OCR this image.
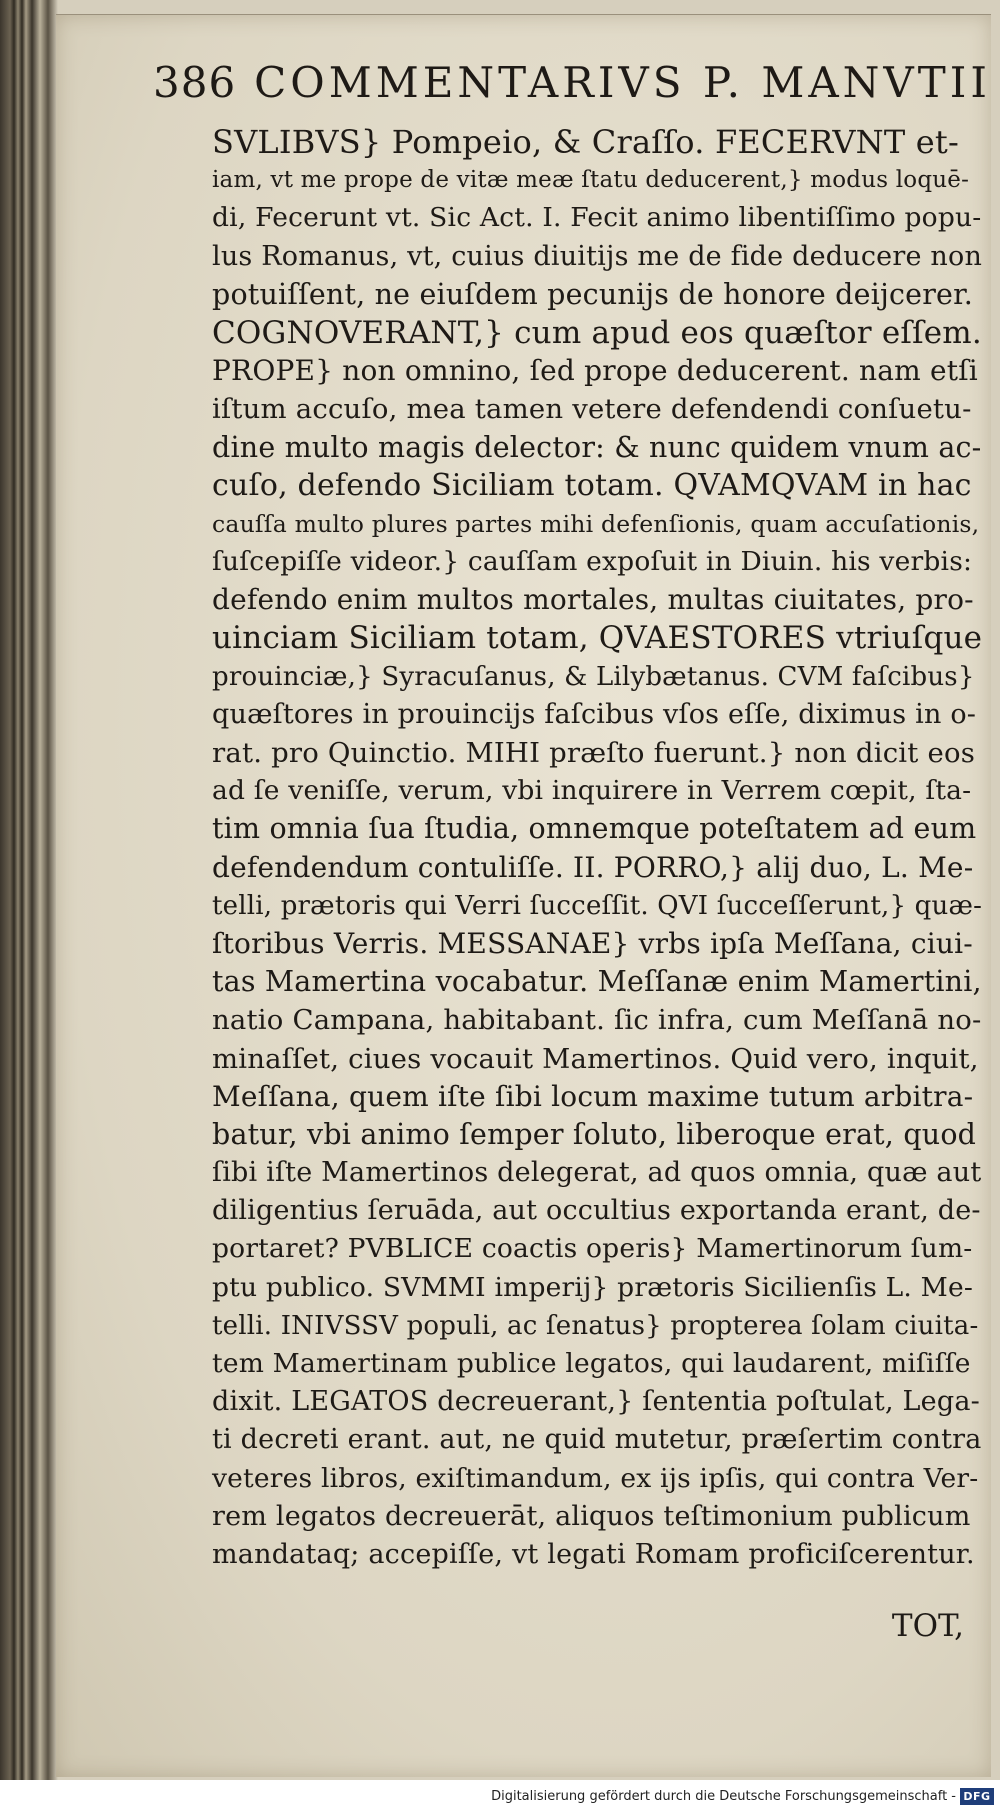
386 COMMENTARIVS P. MANVTII
SVLIBVS} Pompeio, & Craſſo. FECERVNT et-
iam, vt me prope de vitæ meæ ſtatu deducerent,} modus loquē-
di, Fecerunt vt. Sic Act. I. Fecit animo libentiſſimo popu-
lus Romanus, vt, cuius diuitijs me de fide deducere non
potuiſſent, ne eiuſdem pecunijs de honore deijcerer.
COGNOVERANT,} cum apud eos quæſtor eſſem.
PROPE} non omnino, ſed prope deducerent. nam etſi
iſtum accuſo, mea tamen vetere defendendi conſuetu-
dine multo magis delector: & nunc quidem vnum ac-
cuſo, defendo Siciliam totam. QVAMQVAM in hac
cauſſa multo plures partes mihi defenſionis, quam accuſationis,
ſuſcepiſſe videor.} cauſſam expoſuit in Diuin. his verbis:
defendo enim multos mortales, multas ciuitates, pro-
uinciam Siciliam totam, QVAESTORES vtriuſque
prouinciæ,} Syracuſanus, & Lilybætanus. CVM faſcibus}
quæſtores in prouincijs faſcibus vſos eſſe, diximus in o-
rat. pro Quinctio. MIHI præſto fuerunt.} non dicit eos
ad ſe veniſſe, verum, vbi inquirere in Verrem cœpit, ſta-
tim omnia ſua ſtudia, omnemque poteſtatem ad eum
defendendum contuliſſe. II. PORRO,} alij duo, L. Me-
telli, prætoris qui Verri ſucceſſit. QVI ſucceſſerunt,} quæ-
ſtoribus Verris. MESSANAE} vrbs ipſa Meſſana, ciui-
tas Mamertina vocabatur. Meſſanæ enim Mamertini,
natio Campana, habitabant. ſic infra, cum Meſſanā no-
minaſſet, ciues vocauit Mamertinos. Quid vero, inquit,
Meſſana, quem iſte ſibi locum maxime tutum arbitra-
batur, vbi animo ſemper ſoluto, liberoque erat, quod
ſibi iſte Mamertinos delegerat, ad quos omnia, quæ aut
diligentius ſeruāda, aut occultius exportanda erant, de-
portaret? PVBLICE coactis operis} Mamertinorum ſum-
ptu publico. SVMMI imperij} prætoris Sicilienſis L. Me-
telli. INIVSSV populi, ac ſenatus} propterea ſolam ciuita-
tem Mamertinam publice legatos, qui laudarent, miſiſſe
dixit. LEGATOS decreuerant,} ſententia poſtulat, Lega-
ti decreti erant. aut, ne quid mutetur, præſertim contra
veteres libros, exiſtimandum, ex ijs ipſis, qui contra Ver-
rem legatos decreuerāt, aliquos teſtimonium publicum
mandataq; accepiſſe, vt legati Romam proficiſcerentur.
TOT,
Digitalisierung gefördert durch die Deutsche Forschungsgemeinschaft - DFG
